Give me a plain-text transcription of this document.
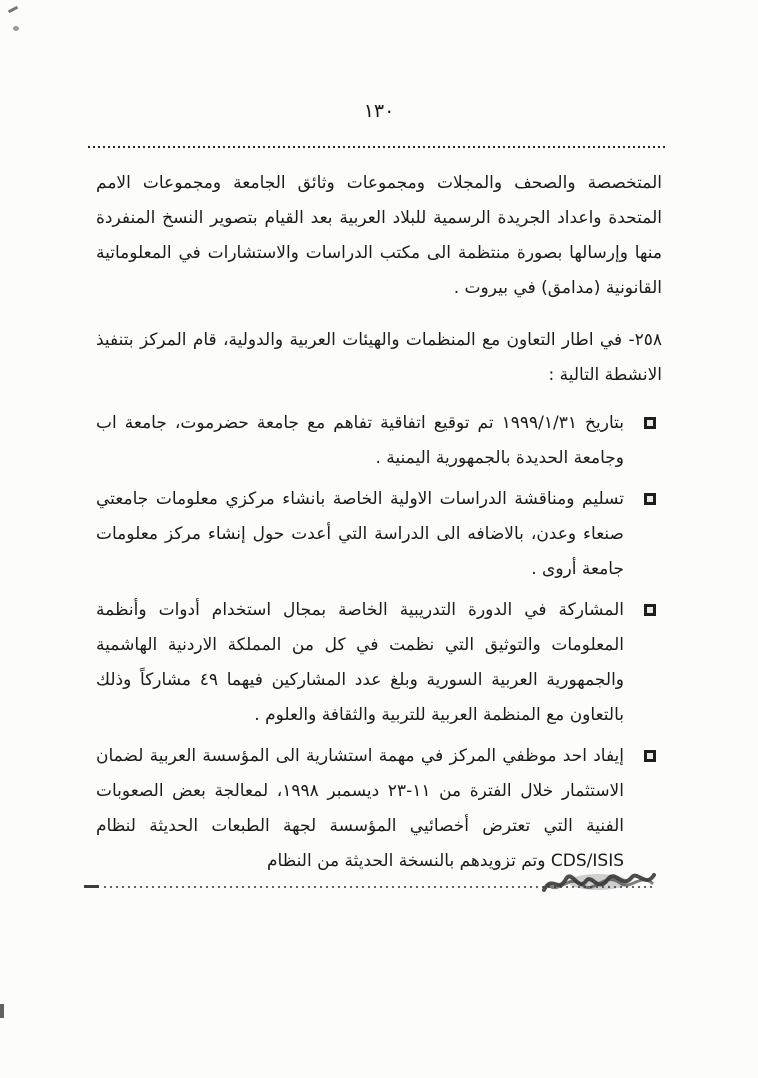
١٣٠

المتخصصة والصحف والمجلات ومجموعات وثائق الجامعة ومجموعات الامم المتحدة واعداد الجريدة الرسمية للبلاد العربية بعد القيام بتصوير النسخ المنفردة منها وإرسالها بصورة منتظمة الى مكتب الدراسات والاستشارات في المعلوماتية القانونية (مدامق) في بيروت .

٢٥٨- في اطار التعاون مع المنظمات والهيئات العربية والدولية، قام المركز بتنفيذ الانشطة التالية :

بتاريخ ١٩٩٩/١/٣١ تم توقيع اتفاقية تفاهم مع جامعة حضرموت، جامعة اب وجامعة الحديدة بالجمهورية اليمنية .
تسليم ومناقشة الدراسات الاولية الخاصة بانشاء مركزي معلومات جامعتي صنعاء وعدن، بالاضافه الى الدراسة التي أعدت حول إنشاء مركز معلومات جامعة أروى .
المشاركة في الدورة التدريبية الخاصة بمجال استخدام أدوات وأنظمة المعلومات والتوثيق التي نظمت في كل من المملكة الاردنية الهاشمية والجمهورية العربية السورية وبلغ عدد المشاركين فيهما ٤٩ مشاركاً وذلك بالتعاون مع المنظمة العربية للتربية والثقافة والعلوم .
إيفاد احد موظفي المركز في مهمة استشارية الى المؤسسة العربية لضمان الاستثمار خلال الفترة من ١١-٢٣ ديسمبر ١٩٩٨، لمعالجة بعض الصعوبات الفنية التي تعترض أخصائيي المؤسسة لجهة الطبعات الحديثة لنظام CDS/ISIS وتم تزويدهم بالنسخة الحديثة من النظام
